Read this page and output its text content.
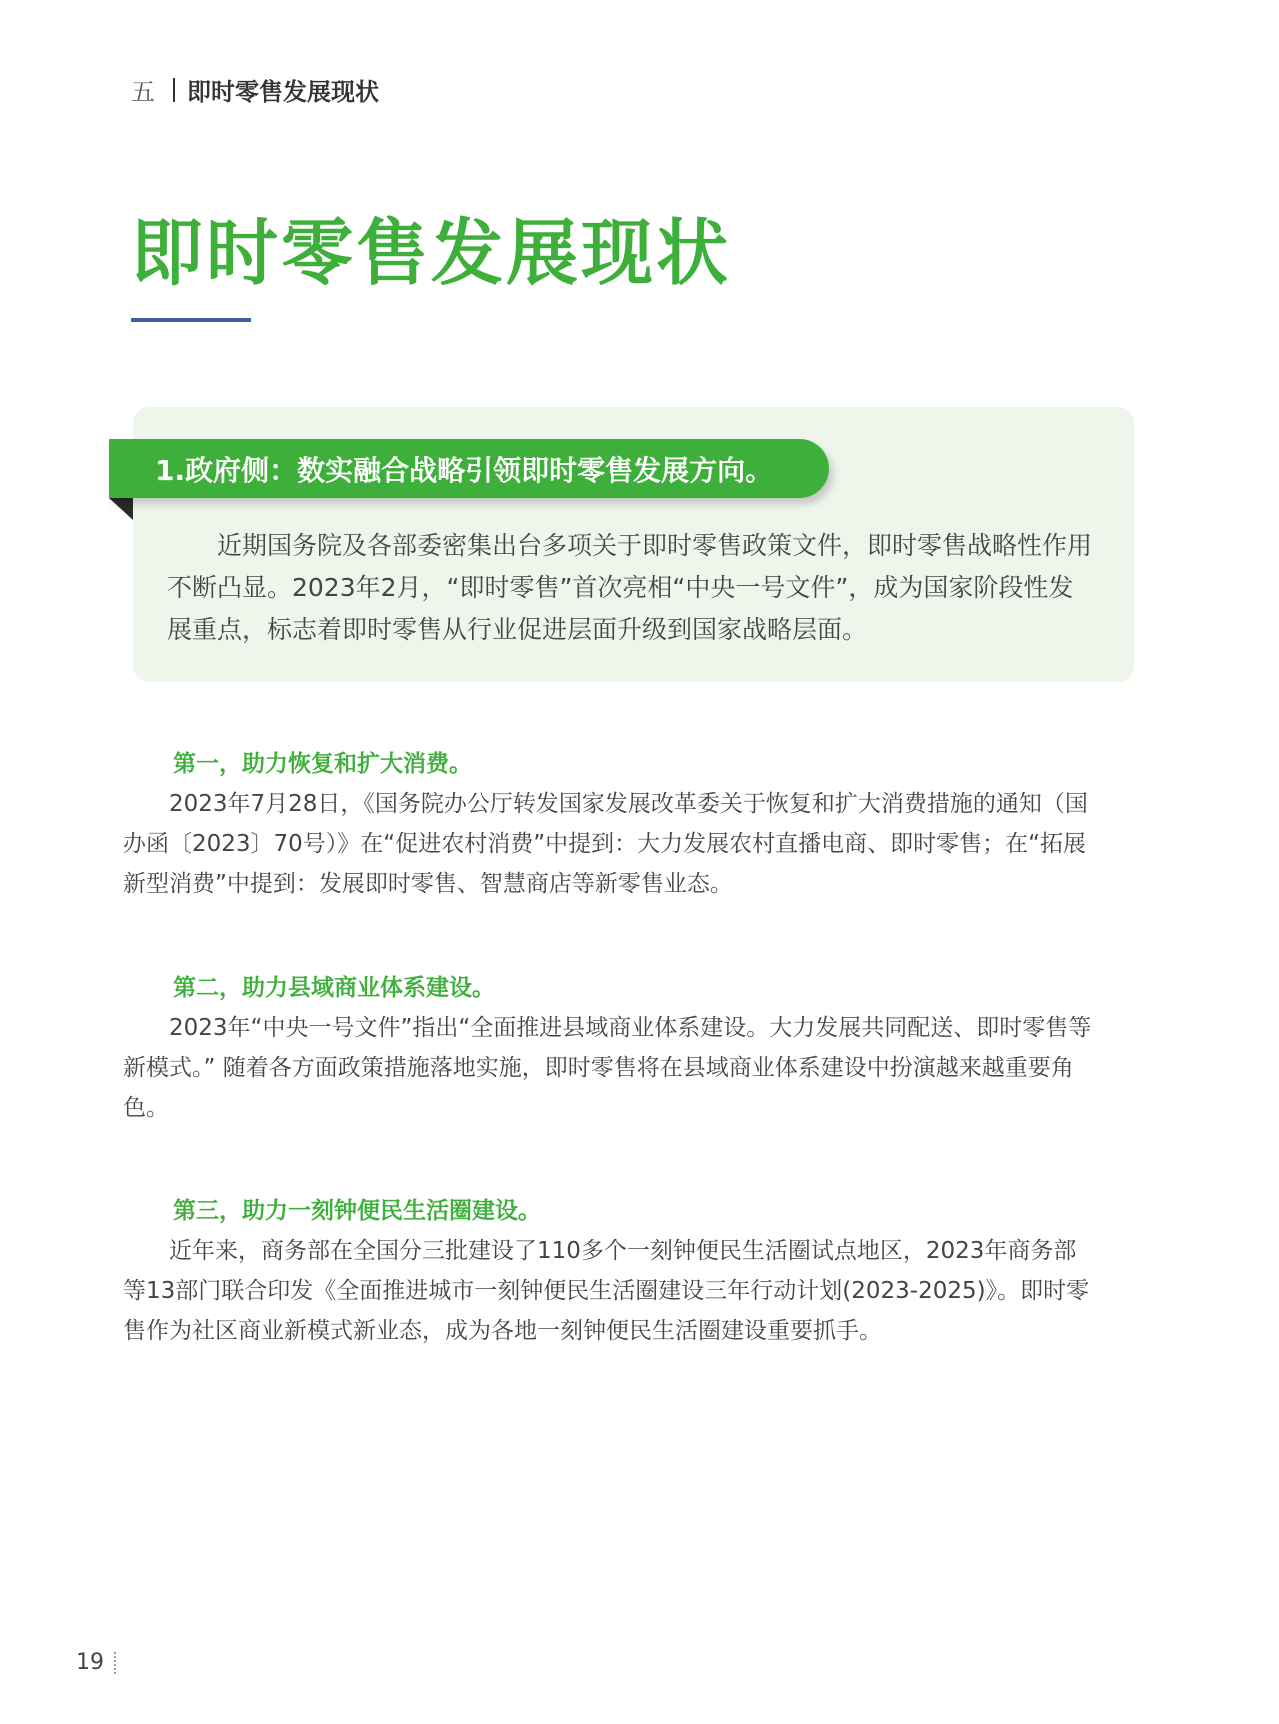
五 即时零售发展现状
即时零售发展现状

近期国务院及各部委密集出台多项关于即时零售政策文件，即时零售战略性作用不断凸显。2023年2月，“即时零售”首次亮相“中央一号文件”，成为国家阶段性发展重点，标志着即时零售从行业促进层面升级到国家战略层面。

1.政府侧：数实融合战略引领即时零售发展方向。

第一，助力恢复和扩大消费。

2023年7月28日，《国务院办公厅转发国家发展改革委关于恢复和扩大消费措施的通知（国办函〔2023〕70号）》在“促进农村消费”中提到：大力发展农村直播电商、即时零售；在“拓展新型消费”中提到：发展即时零售、智慧商店等新零售业态。

第二，助力县域商业体系建设。

2023年“中央一号文件”指出“全面推进县域商业体系建设。大力发展共同配送、即时零售等新模式。” 随着各方面政策措施落地实施，即时零售将在县域商业体系建设中扮演越来越重要角色。

第三，助力一刻钟便民生活圈建设。

近年来，商务部在全国分三批建设了110多个一刻钟便民生活圈试点地区，2023年商务部等13部门联合印发《全面推进城市一刻钟便民生活圈建设三年行动计划(2023-2025)》。即时零售作为社区商业新模式新业态，成为各地一刻钟便民生活圈建设重要抓手。

19
